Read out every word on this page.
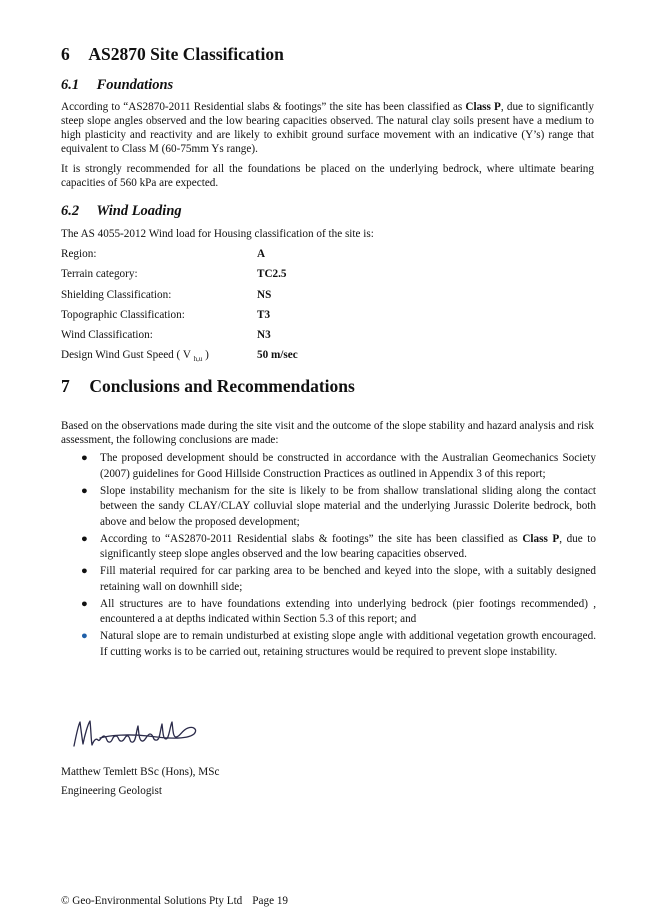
6 AS2870 Site Classification
6.1 Foundations

According to “AS2870-2011 Residential slabs & footings” the site has been classified as Class P, due to significantly steep slope angles observed and the low bearing capacities observed. The natural clay soils present have a medium to high plasticity and reactivity and are likely to exhibit ground surface movement with an indicative (Y’s) range that equivalent to Class M (60-75mm Ys range).

It is strongly recommended for all the foundations be placed on the underlying bedrock, where ultimate bearing capacities of 560 kPa are expected.

6.2 Wind Loading

The AS 4055-2012 Wind load for Housing classification of the site is:

Region:	A
Terrain category:	TC2.5
Shielding Classification:	NS
Topographic Classification:	T3
Wind Classification:	N3
Design Wind Gust Speed ( V $_{h,u}$ )	50 m/sec
7 Conclusions and Recommendations

Based on the observations made during the site visit and the outcome of the slope stability and hazard analysis and risk assessment, the following conclusions are made:

● The proposed development should be constructed in accordance with the Australian Geomechanics Society (2007) guidelines for Good Hillside Construction Practices as outlined in Appendix 3 of this report;
● Slope instability mechanism for the site is likely to be from shallow translational sliding along the contact between the sandy CLAY/CLAY colluvial slope material and the underlying Jurassic Dolerite bedrock, both above and below the proposed development;
● According to “AS2870-2011 Residential slabs & footings” the site has been classified as Class P, due to significantly steep slope angles observed and the low bearing capacities observed.
● Fill material required for car parking area to be benched and keyed into the slope, with a suitably designed retaining wall on downhill side;
● All structures are to have foundations extending into underlying bedrock (pier footings recommended) , encountered a at depths indicated within Section 5.3 of this report; and
● Natural slope are to remain undisturbed at existing slope angle with additional vegetation growth encouraged. If cutting works is to be carried out, retaining structures would be required to prevent slope instability.
Matthew Temlett BSc (Hons), MSc
Engineering Geologist
© Geo-Environmental Solutions Pty Ltd Page 19
